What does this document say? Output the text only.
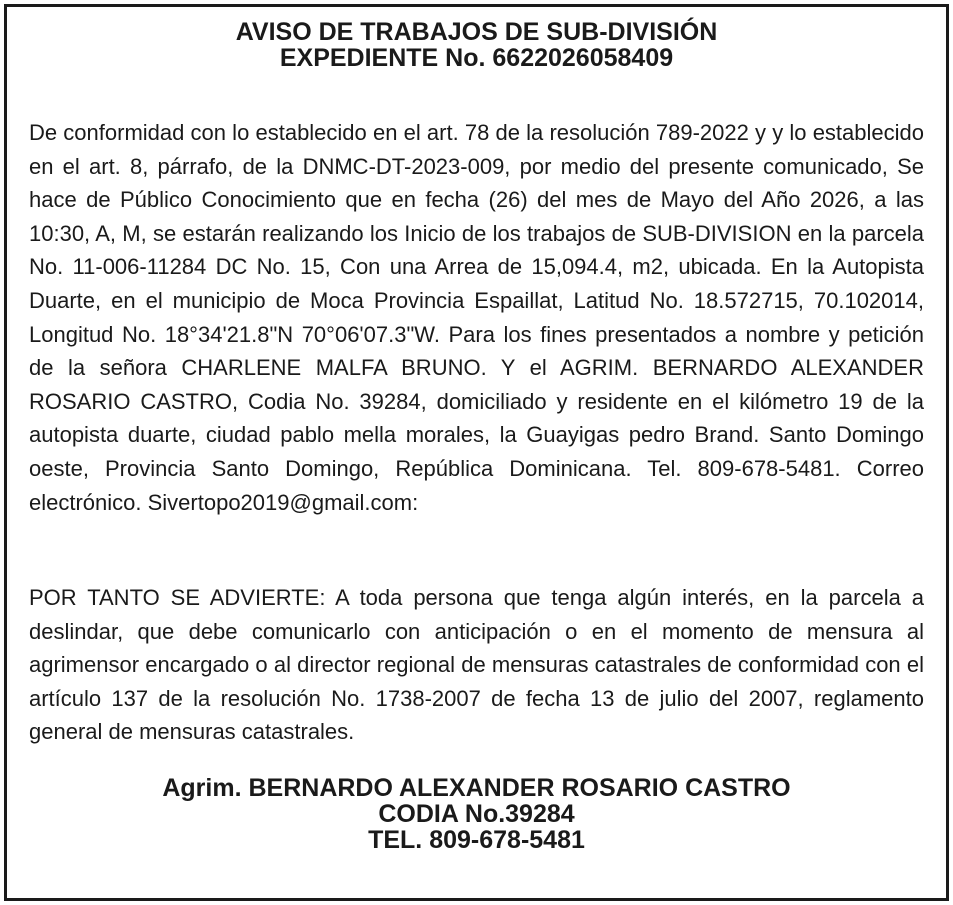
AVISO DE TRABAJOS DE SUB-DIVISIÓN
EXPEDIENTE No. 6622026058409
De conformidad con lo establecido en el art. 78 de la resolución 789-2022 y y lo establecido en el art. 8, párrafo, de la DNMC-DT-2023-009, por medio del presente comunicado, Se hace de Público Conocimiento que en fecha (26) del mes de Mayo del Año 2026, a las 10:30, A, M, se estarán realizando los Inicio de los trabajos de SUB-DIVISION en la parcela No. 11-006-11284 DC No. 15, Con una Arrea de 15,094.4, m2, ubicada. En la Autopista Duarte, en el municipio de Moca Provincia Espaillat, Latitud No. 18.572715, 70.102014, Longitud No. 18°34'21.8"N 70°06'07.3"W. Para los fines presentados a nombre y petición de la señora CHARLENE MALFA BRUNO. Y el AGRIM. BERNARDO ALEXANDER ROSARIO CASTRO, Codia No. 39284, domiciliado y residente en el kilómetro 19 de la autopista duarte, ciudad pablo mella morales, la Guayigas pedro Brand. Santo Domingo oeste, Provincia Santo Domingo, República Dominicana. Tel. 809-678-5481. Correo electrónico. Sivertopo2019@gmail.com:
POR TANTO SE ADVIERTE: A toda persona que tenga algún interés, en la parcela a deslindar, que debe comunicarlo con anticipación o en el momento de mensura al agrimensor encargado o al director regional de mensuras catastrales de conformidad con el artículo 137 de la resolución No. 1738-2007 de fecha 13 de julio del 2007, reglamento general de mensuras catastrales.
Agrim. BERNARDO ALEXANDER ROSARIO CASTRO
CODIA No.39284
TEL. 809-678-5481
